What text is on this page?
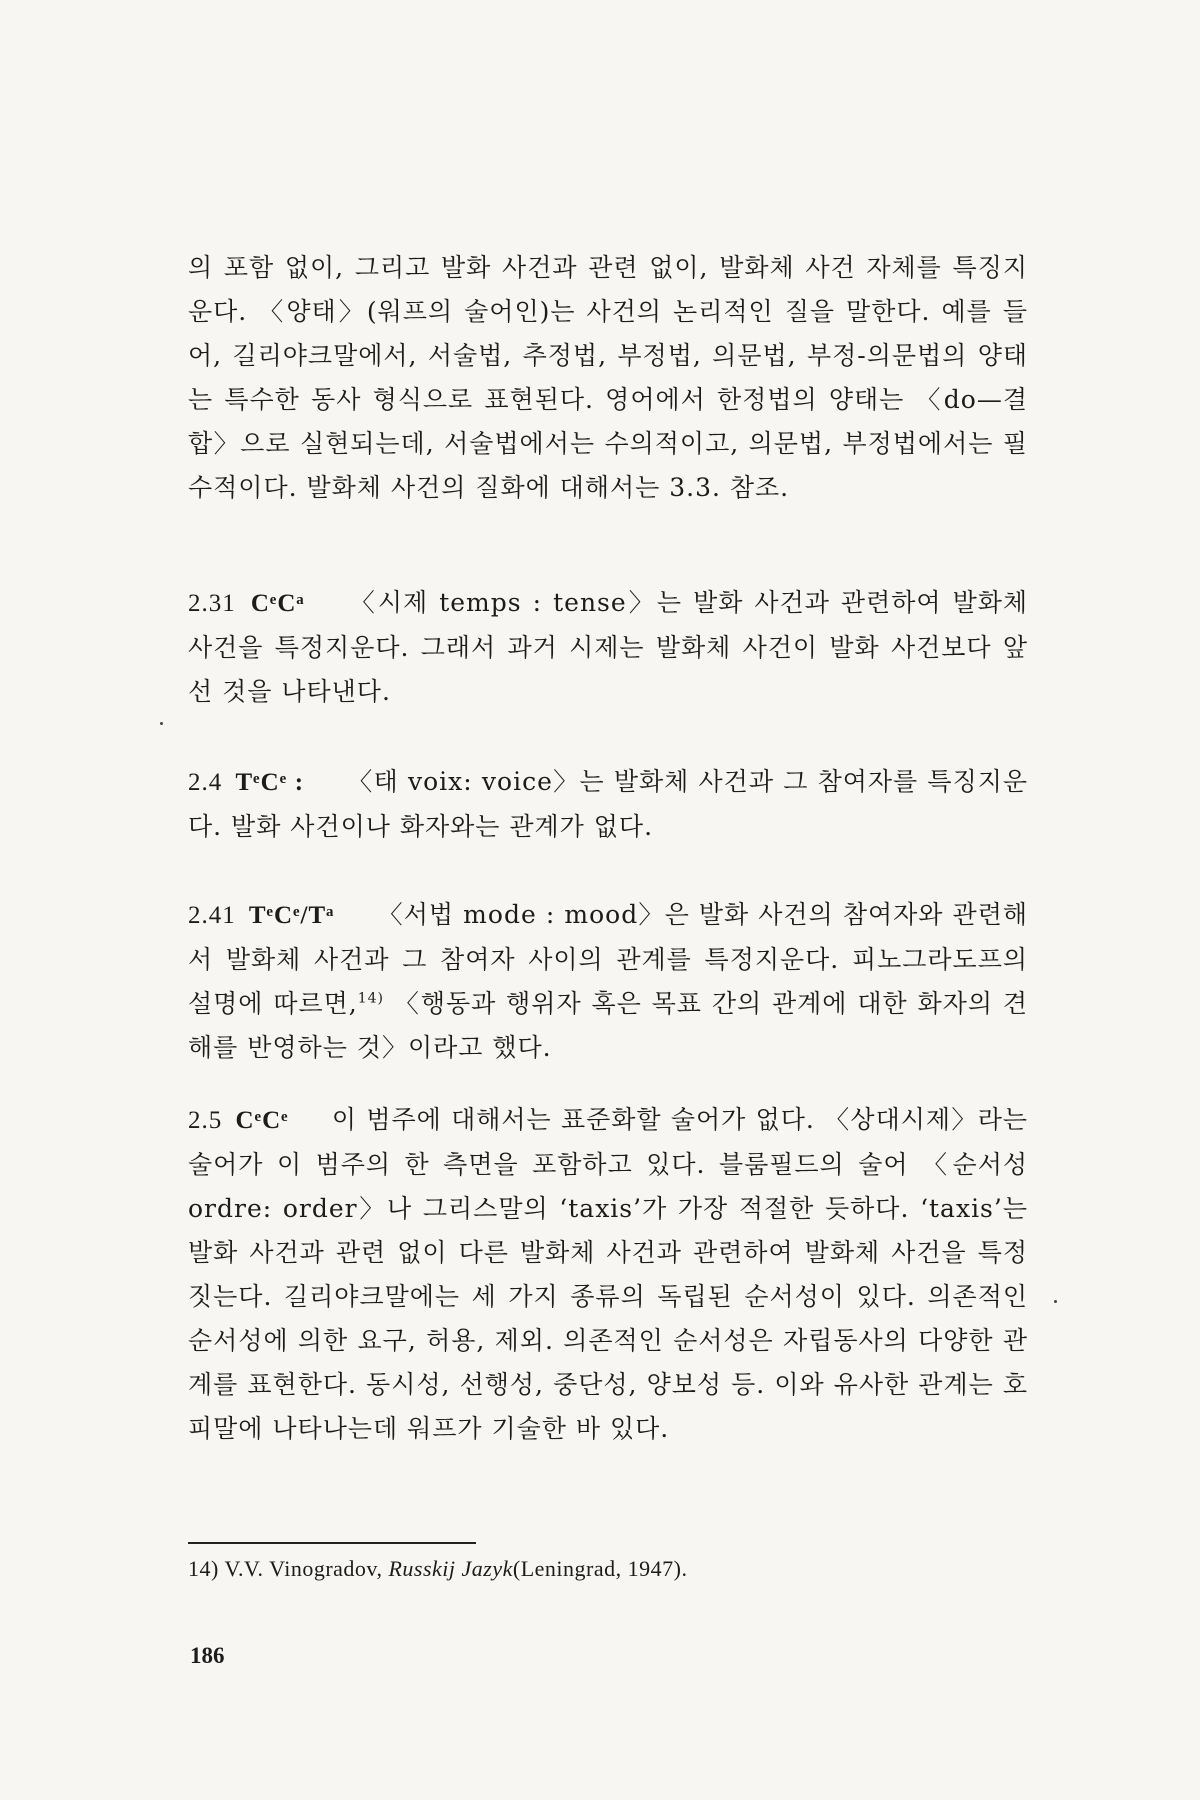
의 포함 없이, 그리고 발화 사건과 관련 없이, 발화체 사건 자체를 특징지운다. 〈양태〉(워프의 술어인)는 사건의 논리적인 질을 말한다. 예를 들어, 길리야크말에서, 서술법, 추정법, 부정법, 의문법, 부정-의문법의 양태는 특수한 동사 형식으로 표현된다. 영어에서 한정법의 양태는 〈do—결합〉으로 실현되는데, 서술법에서는 수의적이고, 의문법, 부정법에서는 필수적이다. 발화체 사건의 질화에 대해서는 3.3. 참조.

2.31 CᵉCᵃ 〈시제 temps : tense〉는 발화 사건과 관련하여 발화체 사건을 특정지운다. 그래서 과거 시제는 발화체 사건이 발화 사건보다 앞선 것을 나타낸다.

2.4 TᵉCᵉ : 〈태 voix: voice〉는 발화체 사건과 그 참여자를 특징지운다. 발화 사건이나 화자와는 관계가 없다.

2.41 TᵉCᵉ/Tᵃ 〈서법 mode : mood〉은 발화 사건의 참여자와 관련해서 발화체 사건과 그 참여자 사이의 관계를 특정지운다. 피노그라도프의 설명에 따르면,$^{14)}$ 〈행동과 행위자 혹은 목표 간의 관계에 대한 화자의 견해를 반영하는 것〉이라고 했다.

2.5 CᵉCᵉ 이 범주에 대해서는 표준화할 술어가 없다. 〈상대시제〉라는 술어가 이 범주의 한 측면을 포함하고 있다. 블룸필드의 술어 〈순서성 ordre: order〉나 그리스말의 ‘taxis’가 가장 적절한 듯하다. ‘taxis’는 발화 사건과 관련 없이 다른 발화체 사건과 관련하여 발화체 사건을 특정짓는다. 길리야크말에는 세 가지 종류의 독립된 순서성이 있다. 의존적인 순서성에 의한 요구, 허용, 제외. 의존적인 순서성은 자립동사의 다양한 관계를 표현한다. 동시성, 선행성, 중단성, 양보성 등. 이와 유사한 관계는 호피말에 나타나는데 워프가 기술한 바 있다.

14) V.V. Vinogradov, Russkij Jazyk(Leningrad, 1947).
186
